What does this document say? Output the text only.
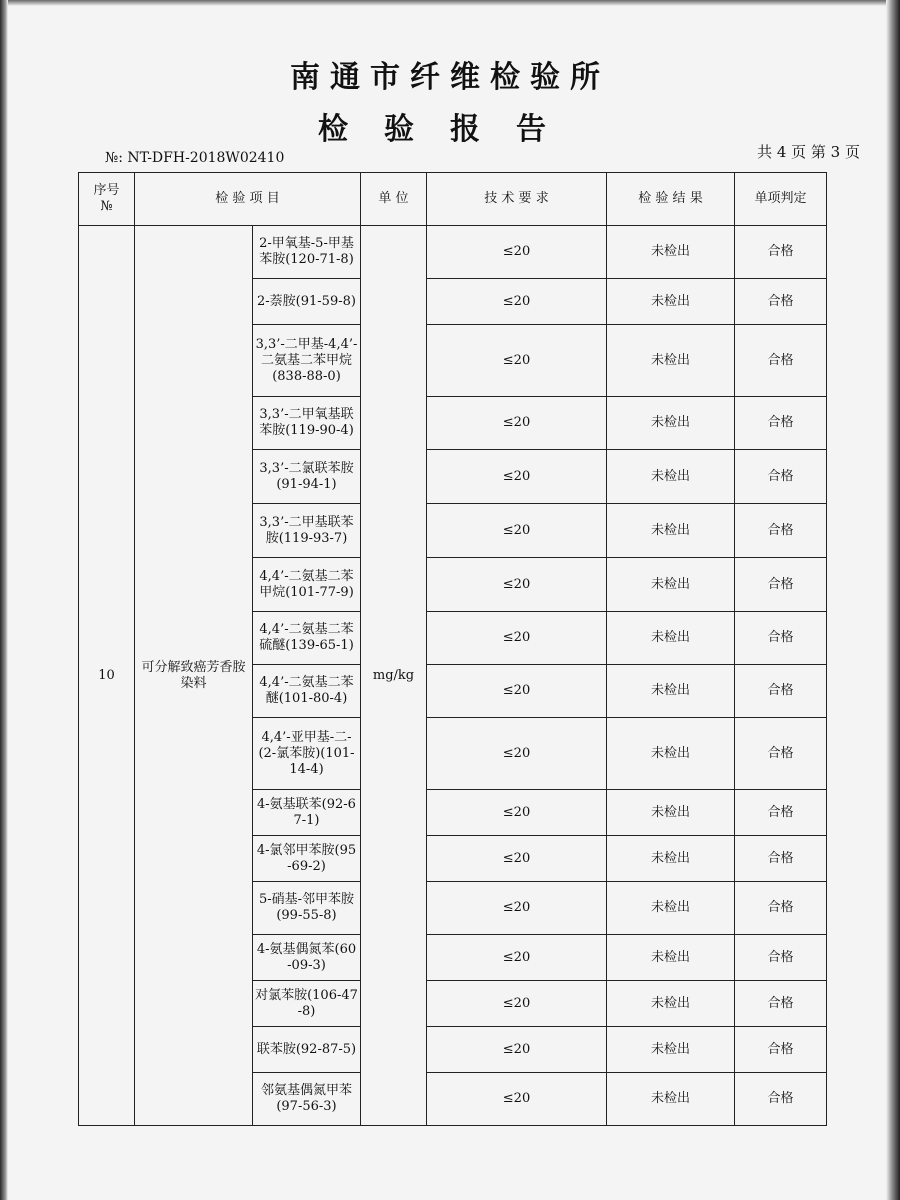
南通市纤维检验所
检验报告
№: NT-DFH-2018W02410	共 4 页 第 3 页
序号
№	检 验 项 目		单 位	技 术 要 求	检 验 结 果	单项判定
10	可分解致癌芳香胺染料	2-甲氧基-5-甲基苯胺(120-71-8)	mg/kg	≤20	未检出	合格
		2-萘胺(91-59-8)		≤20	未检出	合格
		3,3’-二甲基-4,4’-二氨基二苯甲烷(838-88-0)		≤20	未检出	合格
		3,3’-二甲氧基联苯胺(119-90-4)		≤20	未检出	合格
		3,3’-二氯联苯胺(91-94-1)		≤20	未检出	合格
		3,3’-二甲基联苯胺(119-93-7)		≤20	未检出	合格
		4,4’-二氨基二苯甲烷(101-77-9)		≤20	未检出	合格
		4,4’-二氨基二苯硫醚(139-65-1)		≤20	未检出	合格
		4,4’-二氨基二苯醚(101-80-4)		≤20	未检出	合格
		4,4’-亚甲基-二-(2-氯苯胺)(101-14-4)		≤20	未检出	合格
		4-氨基联苯(92-67-1)		≤20	未检出	合格
		4-氯邻甲苯胺(95-69-2)		≤20	未检出	合格
		5-硝基-邻甲苯胺(99-55-8)		≤20	未检出	合格
		4-氨基偶氮苯(60-09-3)		≤20	未检出	合格
		对氯苯胺(106-47-8)		≤20	未检出	合格
		联苯胺(92-87-5)		≤20	未检出	合格
		邻氨基偶氮甲苯(97-56-3)		≤20	未检出	合格
